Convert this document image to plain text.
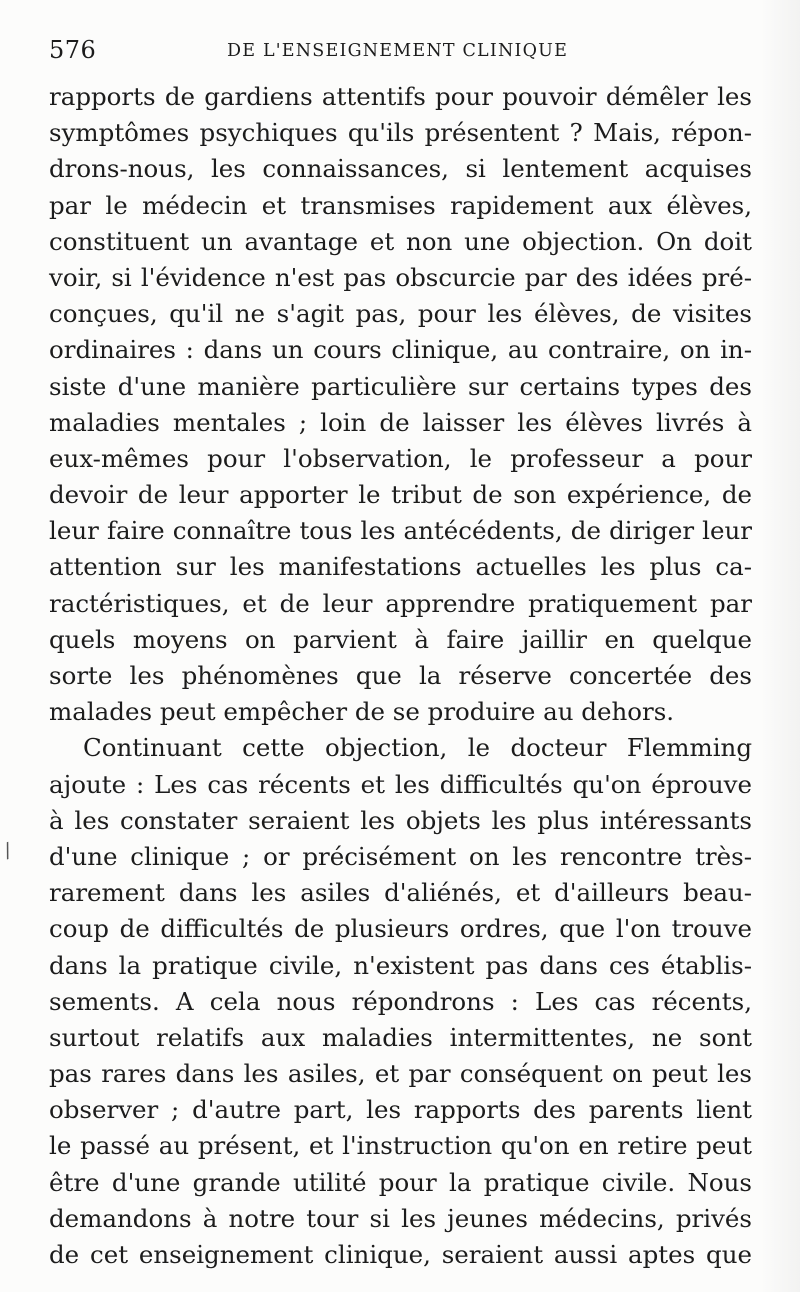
576	DE L'ENSEIGNEMENT CLINIQUE
/
rapports de gardiens attentifs pour pouvoir démêler les
symptômes psychiques qu'ils présentent ? Mais, répon-
drons-nous, les connaissances, si lentement acquises
par le médecin et transmises rapidement aux élèves,
constituent un avantage et non une objection. On doit
voir, si l'évidence n'est pas obscurcie par des idées pré-
conçues, qu'il ne s'agit pas, pour les élèves, de visites
ordinaires : dans un cours clinique, au contraire, on in-
siste d'une manière particulière sur certains types des
maladies mentales ; loin de laisser les élèves livrés à
eux-mêmes pour l'observation, le professeur a pour
devoir de leur apporter le tribut de son expérience, de
leur faire connaître tous les antécédents, de diriger leur
attention sur les manifestations actuelles les plus ca-
ractéristiques, et de leur apprendre pratiquement par
quels moyens on parvient à faire jaillir en quelque
sorte les phénomènes que la réserve concertée des
malades peut empêcher de se produire au dehors.
Continuant cette objection, le docteur Flemming
ajoute : Les cas récents et les difficultés qu'on éprouve
à les constater seraient les objets les plus intéressants
d'une clinique ; or précisément on les rencontre très-
rarement dans les asiles d'aliénés, et d'ailleurs beau-
coup de difficultés de plusieurs ordres, que l'on trouve
dans la pratique civile, n'existent pas dans ces établis-
sements. A cela nous répondrons : Les cas récents,
surtout relatifs aux maladies intermittentes, ne sont
pas rares dans les asiles, et par conséquent on peut les
observer ; d'autre part, les rapports des parents lient
le passé au présent, et l'instruction qu'on en retire peut
être d'une grande utilité pour la pratique civile. Nous
demandons à notre tour si les jeunes médecins, privés
de cet enseignement clinique, seraient aussi aptes que
